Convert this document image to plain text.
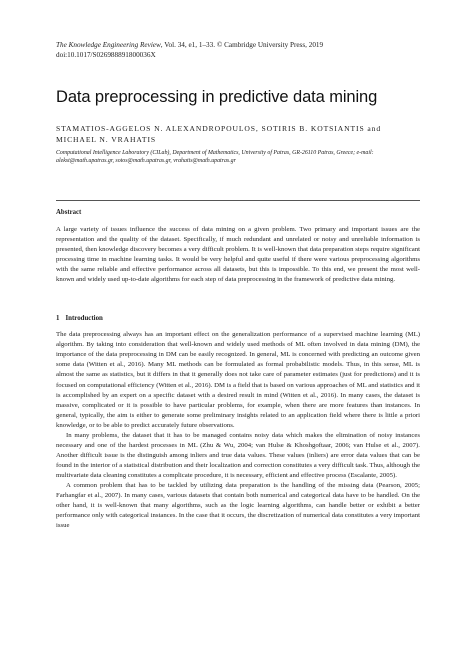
The Knowledge Engineering Review, Vol. 34, e1, 1–33. © Cambridge University Press, 2019
doi:10.1017/S026988891800036X
Data preprocessing in predictive data mining
STAMATIOS-AGGELOS N. ALEXANDROPOULOS, SOTIRIS B. KOTSIANTIS and MICHAEL N. VRAHATIS
Computational Intelligence Laboratory (CILab), Department of Mathematics, University of Patras, GR-26110 Patras, Greece; e-mail: alekst@math.upatras.gr, sotos@math.upatras.gr, vrahatis@math.upatras.gr
Abstract

A large variety of issues influence the success of data mining on a given problem. Two primary and important issues are the representation and the quality of the dataset. Specifically, if much redundant and unrelated or noisy and unreliable information is presented, then knowledge discovery becomes a very difficult problem. It is well-known that data preparation steps require significant processing time in machine learning tasks. It would be very helpful and quite useful if there were various preprocessing algorithms with the same reliable and effective performance across all datasets, but this is impossible. To this end, we present the most well-known and widely used up-to-date algorithms for each step of data preprocessing in the framework of predictive data mining.

1 Introduction

The data preprocessing always has an important effect on the generalization performance of a supervised machine learning (ML) algorithm. By taking into consideration that well-known and widely used methods of ML often involved in data mining (DM), the importance of the data preprocessing in DM can be easily recognized. In general, ML is concerned with predicting an outcome given some data (Witten et al., 2016). Many ML methods can be formulated as formal probabilistic models. Thus, in this sense, ML is almost the same as statistics, but it differs in that it generally does not take care of parameter estimates (just for predictions) and it is focused on computational efficiency (Witten et al., 2016). DM is a field that is based on various approaches of ML and statistics and it is accomplished by an expert on a specific dataset with a desired result in mind (Witten et al., 2016). In many cases, the dataset is massive, complicated or it is possible to have particular problems, for example, when there are more features than instances. In general, typically, the aim is either to generate some preliminary insights related to an application field where there is little a priori knowledge, or to be able to predict accurately future observations.

In many problems, the dataset that it has to be managed contains noisy data which makes the elimination of noisy instances necessary and one of the hardest processes in ML (Zhu & Wu, 2004; van Hulse & Khoshgoftaar, 2006; van Hulse et al., 2007). Another difficult issue is the distinguish among inliers and true data values. These values (inliers) are error data values that can be found in the interior of a statistical distribution and their localization and correction constitutes a very difficult task. Thus, although the multivariate data cleaning constitutes a complicate procedure, it is necessary, efficient and effective process (Escalante, 2005).

A common problem that has to be tackled by utilizing data preparation is the handling of the missing data (Pearson, 2005; Farhangfar et al., 2007). In many cases, various datasets that contain both numerical and categorical data have to be handled. On the other hand, it is well-known that many algorithms, such as the logic learning algorithms, can handle better or exhibit a better performance only with categorical instances. In the case that it occurs, the discretization of numerical data constitutes a very important issue
